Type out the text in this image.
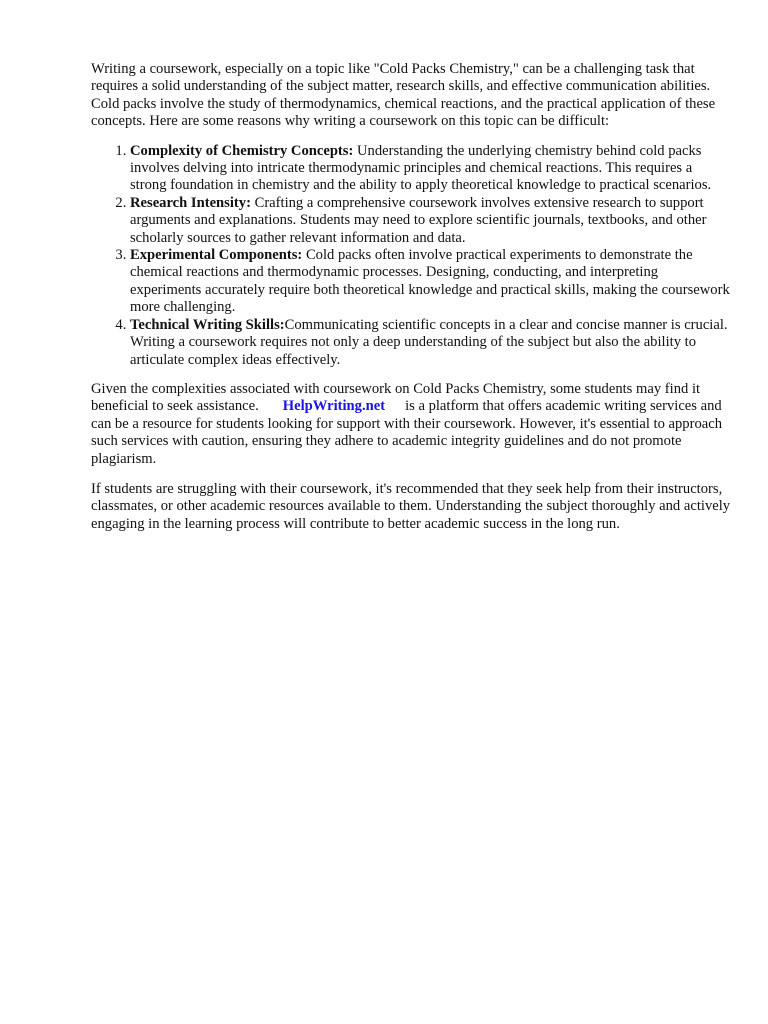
Writing a coursework, especially on a topic like "Cold Packs Chemistry," can be a challenging task that requires a solid understanding of the subject matter, research skills, and effective communication abilities. Cold packs involve the study of thermodynamics, chemical reactions, and the practical application of these concepts. Here are some reasons why writing a coursework on this topic can be difficult:

1. Complexity of Chemistry Concepts: Understanding the underlying chemistry behind cold packs involves delving into intricate thermodynamic principles and chemical reactions. This requires a strong foundation in chemistry and the ability to apply theoretical knowledge to practical scenarios.
2. Research Intensity: Crafting a comprehensive coursework involves extensive research to support arguments and explanations. Students may need to explore scientific journals, textbooks, and other scholarly sources to gather relevant information and data.
3. Experimental Components: Cold packs often involve practical experiments to demonstrate the chemical reactions and thermodynamic processes. Designing, conducting, and interpreting experiments accurately require both theoretical knowledge and practical skills, making the coursework more challenging.
4. Technical Writing Skills:Communicating scientific concepts in a clear and concise manner is crucial. Writing a coursework requires not only a deep understanding of the subject but also the ability to articulate complex ideas effectively.

Given the complexities associated with coursework on Cold Packs Chemistry, some students may find it beneficial to seek assistance. HelpWriting.net is a platform that offers academic writing services and can be a resource for students looking for support with their coursework. However, it's essential to approach such services with caution, ensuring they adhere to academic integrity guidelines and do not promote plagiarism.

If students are struggling with their coursework, it's recommended that they seek help from their instructors, classmates, or other academic resources available to them. Understanding the subject thoroughly and actively engaging in the learning process will contribute to better academic success in the long run.
